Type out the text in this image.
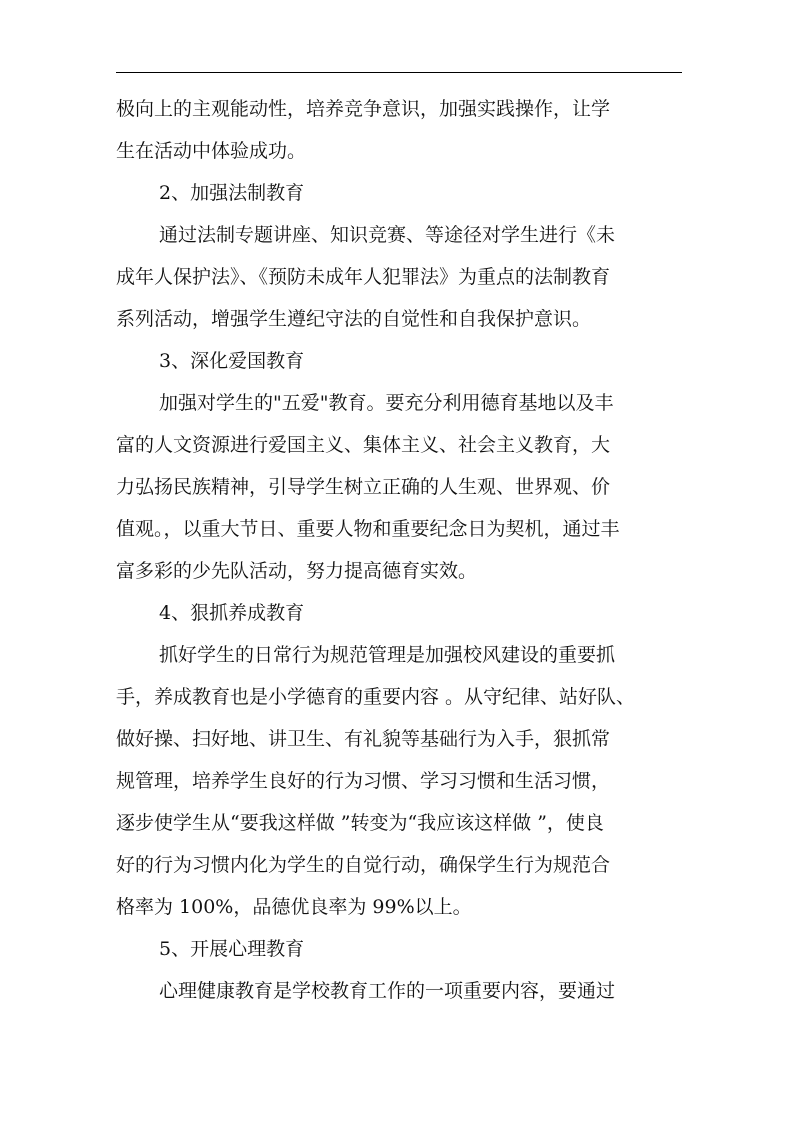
极向上的主观能动性，培养竞争意识，加强实践操作，让学
生在活动中体验成功。
2、加强法制教育
通过法制专题讲座、知识竞赛、等途径对学生进行《未
成年人保护法》、《预防未成年人犯罪法》为重点的法制教育
系列活动，增强学生遵纪守法的自觉性和自我保护意识。
3、深化爱国教育
加强对学生的"五爱"教育。要充分利用德育基地以及丰
富的人文资源进行爱国主义、集体主义、社会主义教育，大
力弘扬民族精神，引导学生树立正确的人生观、世界观、价
值观。，以重大节日、重要人物和重要纪念日为契机，通过丰
富多彩的少先队活动，努力提高德育实效。
4、狠抓养成教育
抓好学生的日常行为规范管理是加强校风建设的重要抓
手，养成教育也是小学德育的重要内容 。从守纪律、站好队、
做好操、扫好地、讲卫生、有礼貌等基础行为入手，狠抓常
规管理，培养学生良好的行为习惯、学习习惯和生活习惯，
逐步使学生从“要我这样做 ”转变为“我应该这样做 ”，使良
好的行为习惯内化为学生的自觉行动，确保学生行为规范合
格率为 100%，品德优良率为 99%以上。
5、开展心理教育
心理健康教育是学校教育工作的一项重要内容，要通过
